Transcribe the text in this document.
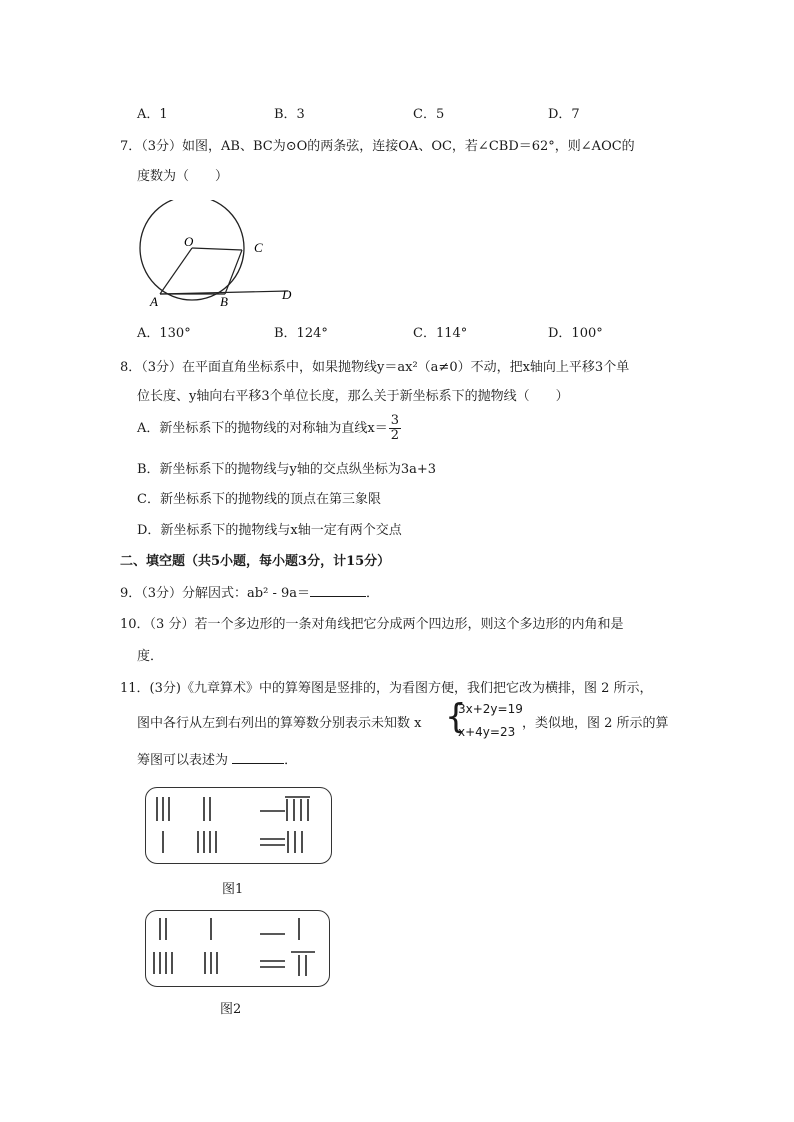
A．1	B．3	C．5	D．7
7．（3分）如图，AB、BC为⊙O的两条弦，连接OA、OC，若∠CBD＝62°，则∠AOC的
度数为（　　）
O	C
A	B	D
A．130°	B．124°	C．114°	D．100°
8．（3分）在平面直角坐标系中，如果抛物线y＝ax²（a≠0）不动，把x轴向上平移3个单
位长度、y轴向右平移3个单位长度，那么关于新坐标系下的抛物线（　　）
A．新坐标系下的抛物线的对称轴为直线$x= \frac{3}{2}$
B．新坐标系下的抛物线与y轴的交点纵坐标为3a+3
C．新坐标系下的抛物线的顶点在第三象限
D．新坐标系下的抛物线与x轴一定有两个交点
二、填空题（共5小题，每小题3分，计15分）
9．（3分）分解因式：ab² - 9a＝	．
10．（3 分）若一个多边形的一条对角线把它分成两个四边形，则这个多边形的内角和是
度．
11．(3分)《九章算术》中的算筹图是竖排的，为看图方便，我们把它改为横排，图 2 所示，
图中各行从左到右列出的算筹数分别表示未知数 x {
3x+2y=19
x+4y=23
，类似地，图 2 所示的算
筹图可以表述为	．
图1
图2
